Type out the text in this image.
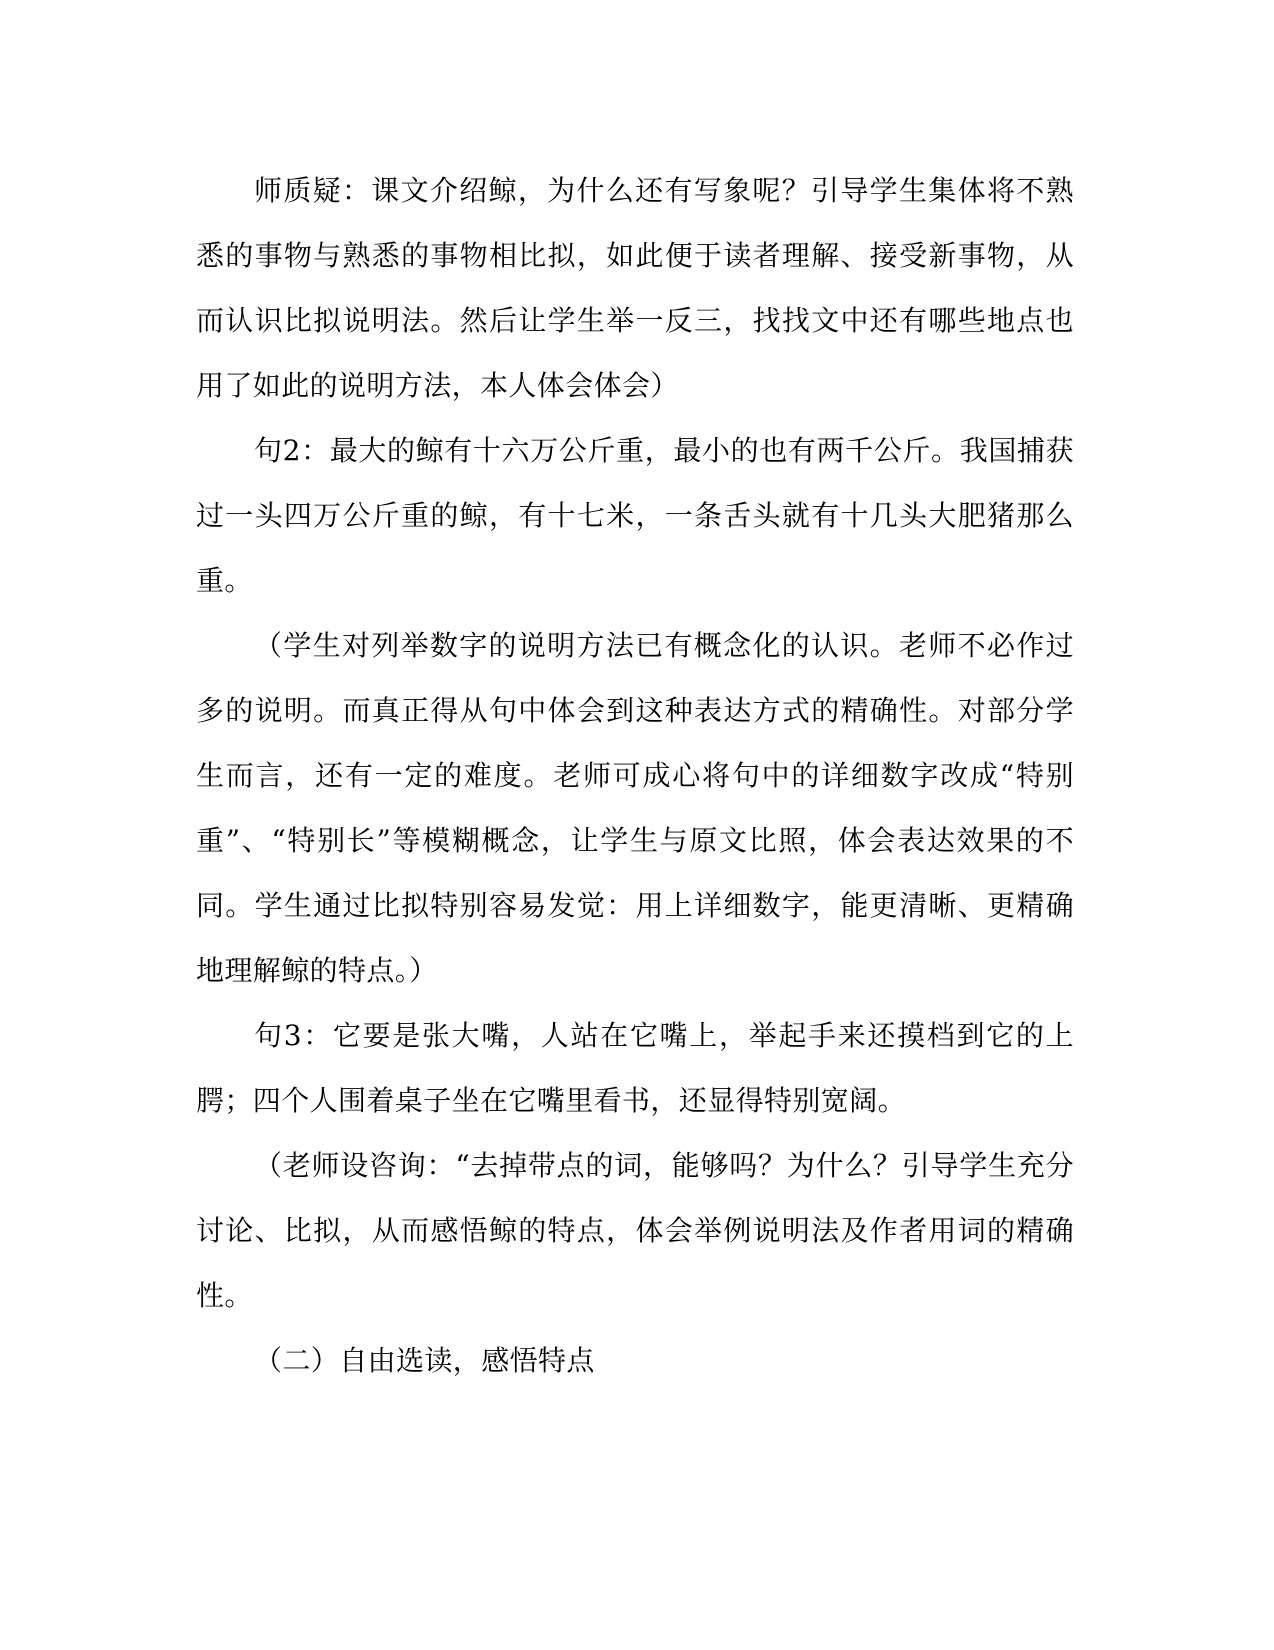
师质疑：课文介绍鲸，为什么还有写象呢？引导学生集体将不熟悉的事物与熟悉的事物相比拟，如此便于读者理解、接受新事物，从而认识比拟说明法。然后让学生举一反三，找找文中还有哪些地点也用了如此的说明方法，本人体会体会）

句2：最大的鲸有十六万公斤重，最小的也有两千公斤。我国捕获过一头四万公斤重的鲸，有十七米，一条舌头就有十几头大肥猪那么重。

（学生对列举数字的说明方法已有概念化的认识。老师不必作过多的说明。而真正得从句中体会到这种表达方式的精确性。对部分学生而言，还有一定的难度。老师可成心将句中的详细数字改成“特别重”、“特别长”等模糊概念，让学生与原文比照，体会表达效果的不同。学生通过比拟特别容易发觉：用上详细数字，能更清晰、更精确地理解鲸的特点。）

句3：它要是张大嘴，人站在它嘴上，举起手来还摸档到它的上腭；四个人围着桌子坐在它嘴里看书，还显得特别宽阔。

（老师设咨询：“去掉带点的词，能够吗？为什么？引导学生充分讨论、比拟，从而感悟鲸的特点，体会举例说明法及作者用词的精确性。

（二）自由选读，感悟特点
